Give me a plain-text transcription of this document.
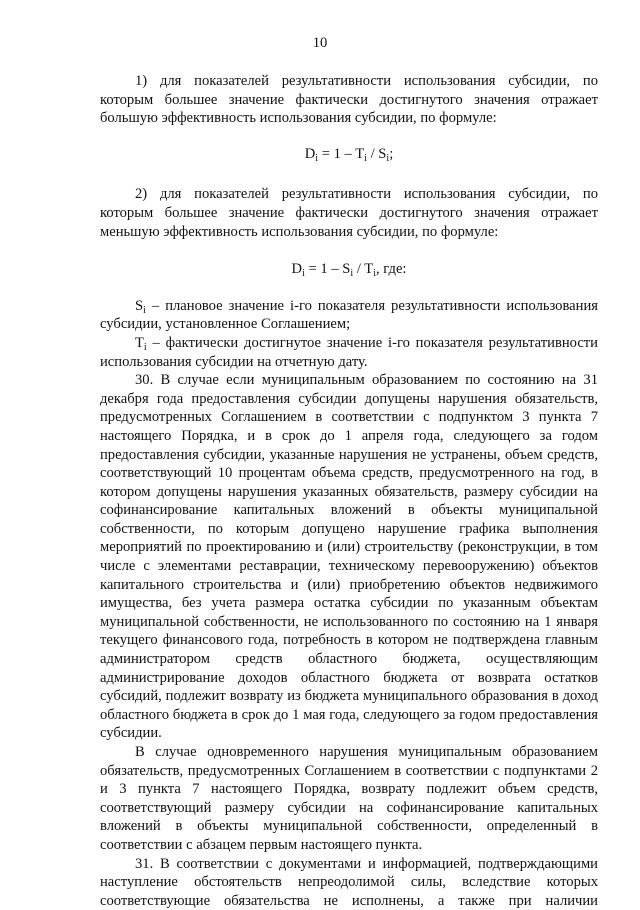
10

1) для показателей результативности использования субсидии, по которым большее значение фактически достигнутого значения отражает большую эффективность использования субсидии, по формуле:

$D_i = 1 - T_i / S_i$;

2) для показателей результативности использования субсидии, по которым большее значение фактически достигнутого значения отражает меньшую эффективность использования субсидии, по формуле:

$D_i = 1 - S_i / T_i$, где:

$S_i$ – плановое значение i-го показателя результативности использования субсидии, установленное Соглашением;

$T_i$ – фактически достигнутое значение i-го показателя результативности использования субсидии на отчетную дату.

30. В случае если муниципальным образованием по состоянию на 31 декабря года предоставления субсидии допущены нарушения обязательств, предусмотренных Соглашением в соответствии с подпунктом 3 пункта 7 настоящего Порядка, и в срок до 1 апреля года, следующего за годом предоставления субсидии, указанные нарушения не устранены, объем средств, соответствующий 10 процентам объема средств, предусмотренного на год, в котором допущены нарушения указанных обязательств, размеру субсидии на софинансирование капитальных вложений в объекты муниципальной собственности, по которым допущено нарушение графика выполнения мероприятий по проектированию и (или) строительству (реконструкции, в том числе с элементами реставрации, техническому перевооружению) объектов капитального строительства и (или) приобретению объектов недвижимого имущества, без учета размера остатка субсидии по указанным объектам муниципальной собственности, не использованного по состоянию на 1 января текущего финансового года, потребность в котором не подтверждена главным администратором средств областного бюджета, осуществляющим администрирование доходов областного бюджета от возврата остатков субсидий, подлежит возврату из бюджета муниципального образования в доход областного бюджета в срок до 1 мая года, следующего за годом предоставления субсидии.

В случае одновременного нарушения муниципальным образованием обязательств, предусмотренных Соглашением в соответствии с подпунктами 2 и 3 пункта 7 настоящего Порядка, возврату подлежит объем средств, соответствующий размеру субсидии на софинансирование капитальных вложений в объекты муниципальной собственности, определенный в соответствии с абзацем первым настоящего пункта.

31. В соответствии с документами и информацией, подтверждающими наступление обстоятельств непреодолимой силы, вследствие которых соответствующие обязательства не исполнены, а также при наличии
